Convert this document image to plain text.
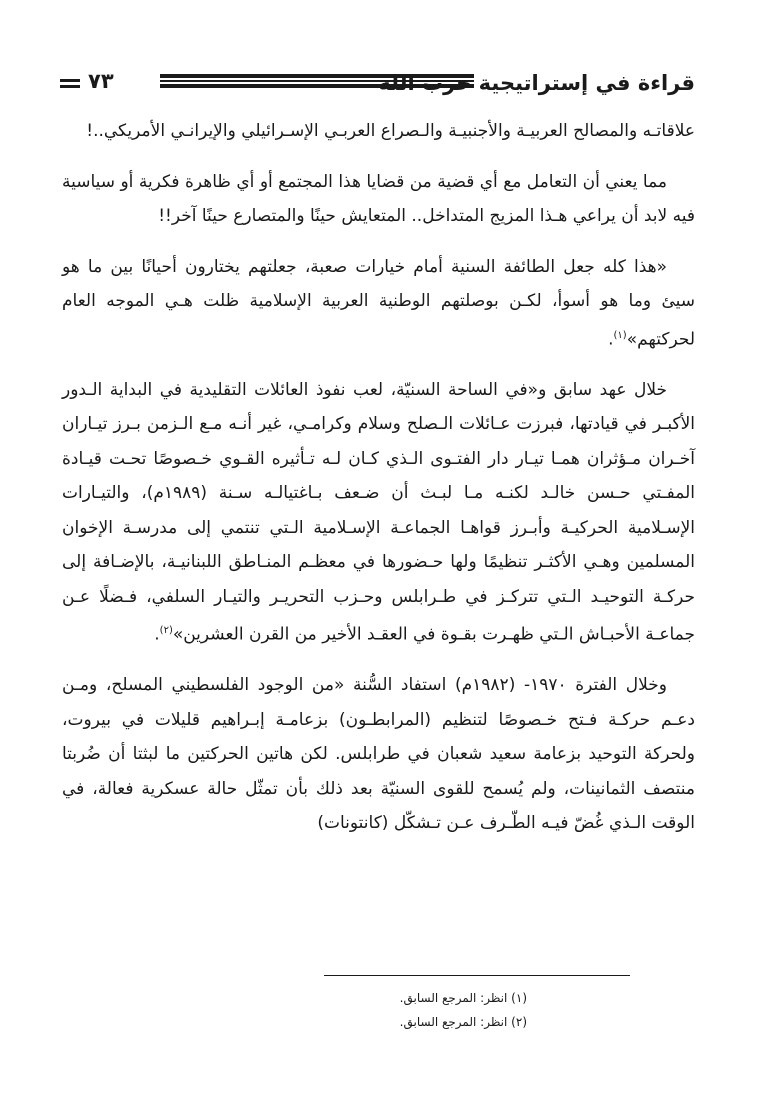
٧٣	قراءة في إستراتيجية حزب الله

علاقاتـه والمصالح العربيـة والأجنبيـة والـصراع العربـي الإسـرائيلي والإيرانـي الأمريكي..!

مما يعني أن التعامل مع أي قضية من قضايا هذا المجتمع أو أي ظاهرة فكرية أو سياسية فيه لابد أن يراعي هـذا المزيج المتداخل.. المتعايش حينًا والمتصارع حينًا آخر!!

«هذا كله جعل الطائفة السنية أمام خيارات صعبة، جعلتهم يختارون أحيانًا بين ما هو سيئ وما هو أسوأ، لكـن بوصلتهم الوطنية العربية الإسلامية ظلت هـي الموجه العام لحركتهم»$^{(١)}$.

خلال عهد سابق و«في الساحة السنيّة، لعب نفوذ العائلات التقليدية في البداية الـدور الأكبـر في قيادتها، فبرزت عـائلات الـصلح وسلام وكرامـي، غير أنـه مـع الـزمن بـرز تيـاران آخـران مـؤثران همـا تيـار دار الفتـوى الـذي كـان لـه تـأثيره القـوي خـصوصًا تحـت قيـادة المفـتي حـسن خالـد لكنـه مـا لبـث أن ضـعف بـاغتيالـه سـنة (١٩٨٩م)، والتيـارات الإسـلامية الحركيـة وأبـرز قواهـا الجماعـة الإسـلامية الـتي تنتمي إلى مدرسـة الإخوان المسلمين وهـي الأكثـر تنظيمًا ولها حـضورها في معظـم المنـاطق اللبنانيـة، بالإضـافة إلى حركـة التوحيـد الـتي تتركـز في طـرابلس وحـزب التحريـر والتيـار السلفي، فـضلًا عـن جماعـة الأحبـاش الـتي ظهـرت بقـوة في العقـد الأخير من القرن العشرين»$^{(٢)}$.

وخلال الفترة ١٩٧٠- (١٩٨٢م) استفاد السُّنة «من الوجود الفلسطيني المسلح، ومـن دعـم حركـة فـتح خـصوصًا لتنظيم (المرابطـون) بزعامـة إبـراهيم قليلات في بيروت، ولحركة التوحيد بزعامة سعيد شعبان في طرابلس. لكن هاتين الحركتين ما لبثتا أن ضُربتا منتصف الثمانينات، ولم يُسمح للقوى السنيّة بعد ذلك بأن تمثّل حالة عسكرية فعالة، في الوقت الـذي غُضّ فيـه الطّـرف عـن تـشكّل (كانتونات)

(١) انظر: المرجع السابق.
(٢) انظر: المرجع السابق.
